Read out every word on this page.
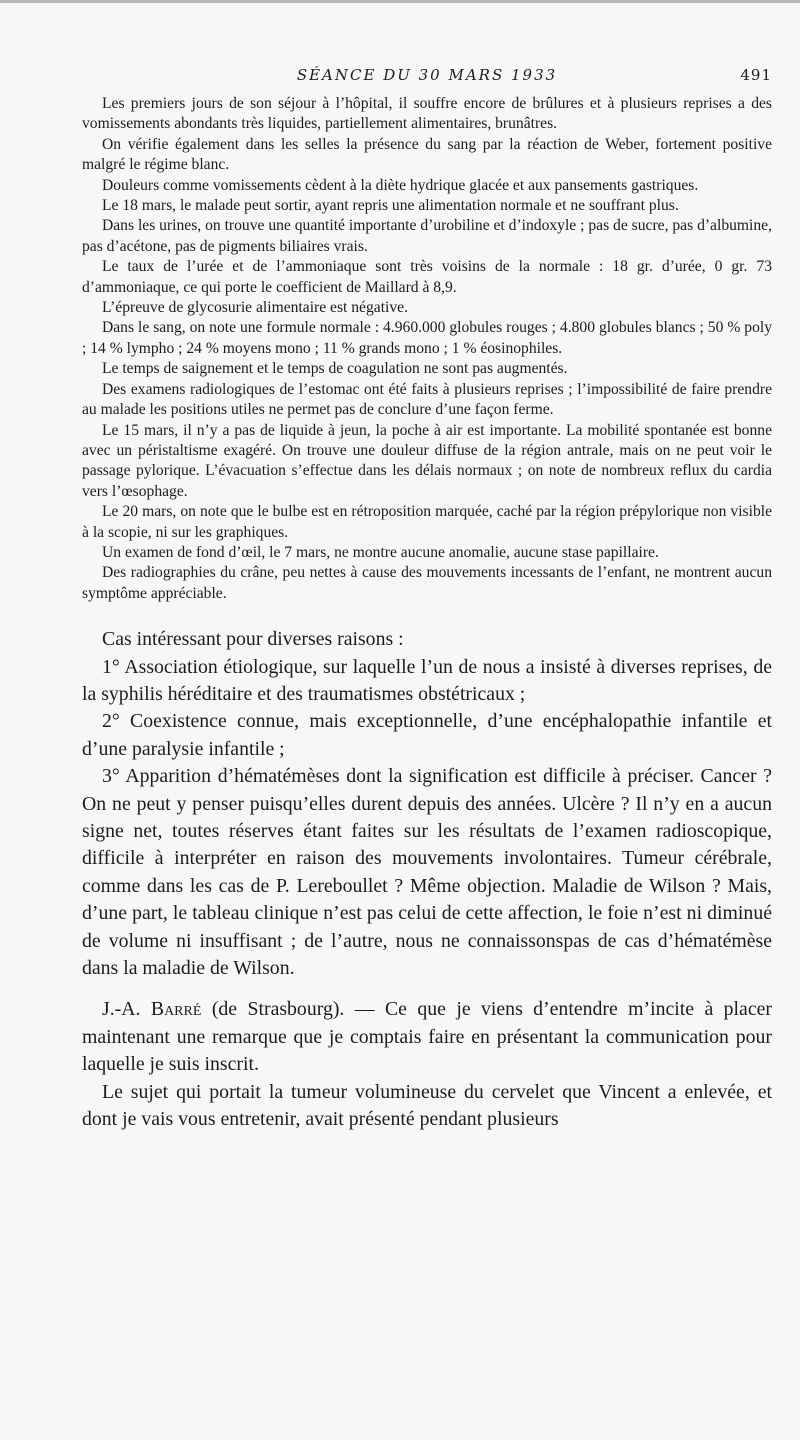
SÉANCE DU 30 MARS 1933	491

Les premiers jours de son séjour à l’hôpital, il souffre encore de brûlures et à plusieurs reprises a des vomissements abondants très liquides, partiellement alimentaires, brunâtres.

On vérifie également dans les selles la présence du sang par la réaction de Weber, fortement positive malgré le régime blanc.

Douleurs comme vomissements cèdent à la diète hydrique glacée et aux pansements gastriques.

Le 18 mars, le malade peut sortir, ayant repris une alimentation normale et ne souffrant plus.

Dans les urines, on trouve une quantité importante d’urobiline et d’indoxyle ; pas de sucre, pas d’albumine, pas d’acétone, pas de pigments biliaires vrais.

Le taux de l’urée et de l’ammoniaque sont très voisins de la normale : 18 gr. d’urée, 0 gr. 73 d’ammoniaque, ce qui porte le coefficient de Maillard à 8,9.

L’épreuve de glycosurie alimentaire est négative.

Dans le sang, on note une formule normale : 4.960.000 globules rouges ; 4.800 globules blancs ; 50 % poly ; 14 % lympho ; 24 % moyens mono ; 11 % grands mono ; 1 % éosinophiles.

Le temps de saignement et le temps de coagulation ne sont pas augmentés.

Des examens radiologiques de l’estomac ont été faits à plusieurs reprises ; l’impossibilité de faire prendre au malade les positions utiles ne permet pas de conclure d’une façon ferme.

Le 15 mars, il n’y a pas de liquide à jeun, la poche à air est importante. La mobilité spontanée est bonne avec un péristaltisme exagéré. On trouve une douleur diffuse de la région antrale, mais on ne peut voir le passage pylorique. L’évacuation s’effectue dans les délais normaux ; on note de nombreux reflux du cardia vers l’œsophage.

Le 20 mars, on note que le bulbe est en rétroposition marquée, caché par la région prépylorique non visible à la scopie, ni sur les graphiques.

Un examen de fond d’œil, le 7 mars, ne montre aucune anomalie, aucune stase papillaire.

Des radiographies du crâne, peu nettes à cause des mouvements incessants de l’enfant, ne montrent aucun symptôme appréciable.

Cas intéressant pour diverses raisons :

1° Association étiologique, sur laquelle l’un de nous a insisté à diverses reprises, de la syphilis héréditaire et des traumatismes obstétricaux ;

2° Coexistence connue, mais exceptionnelle, d’une encéphalopathie infantile et d’une paralysie infantile ;

3° Apparition d’hématémèses dont la signification est difficile à préciser. Cancer ? On ne peut y penser puisqu’elles durent depuis des années. Ulcère ? Il n’y en a aucun signe net, toutes réserves étant faites sur les résultats de l’examen radioscopique, difficile à interpréter en raison des mouvements involontaires. Tumeur cérébrale, comme dans les cas de P. Lereboullet ? Même objection. Maladie de Wilson ? Mais, d’une part, le tableau clinique n’est pas celui de cette affection, le foie n’est ni diminué de volume ni insuffisant ; de l’autre, nous ne connaissonspas de cas d’hématémèse dans la maladie de Wilson.

J.-A. Barré (de Strasbourg). — Ce que je viens d’entendre m’incite à placer maintenant une remarque que je comptais faire en présentant la communication pour laquelle je suis inscrit.

Le sujet qui portait la tumeur volumineuse du cervelet que Vincent a enlevée, et dont je vais vous entretenir, avait présenté pendant plusieurs
